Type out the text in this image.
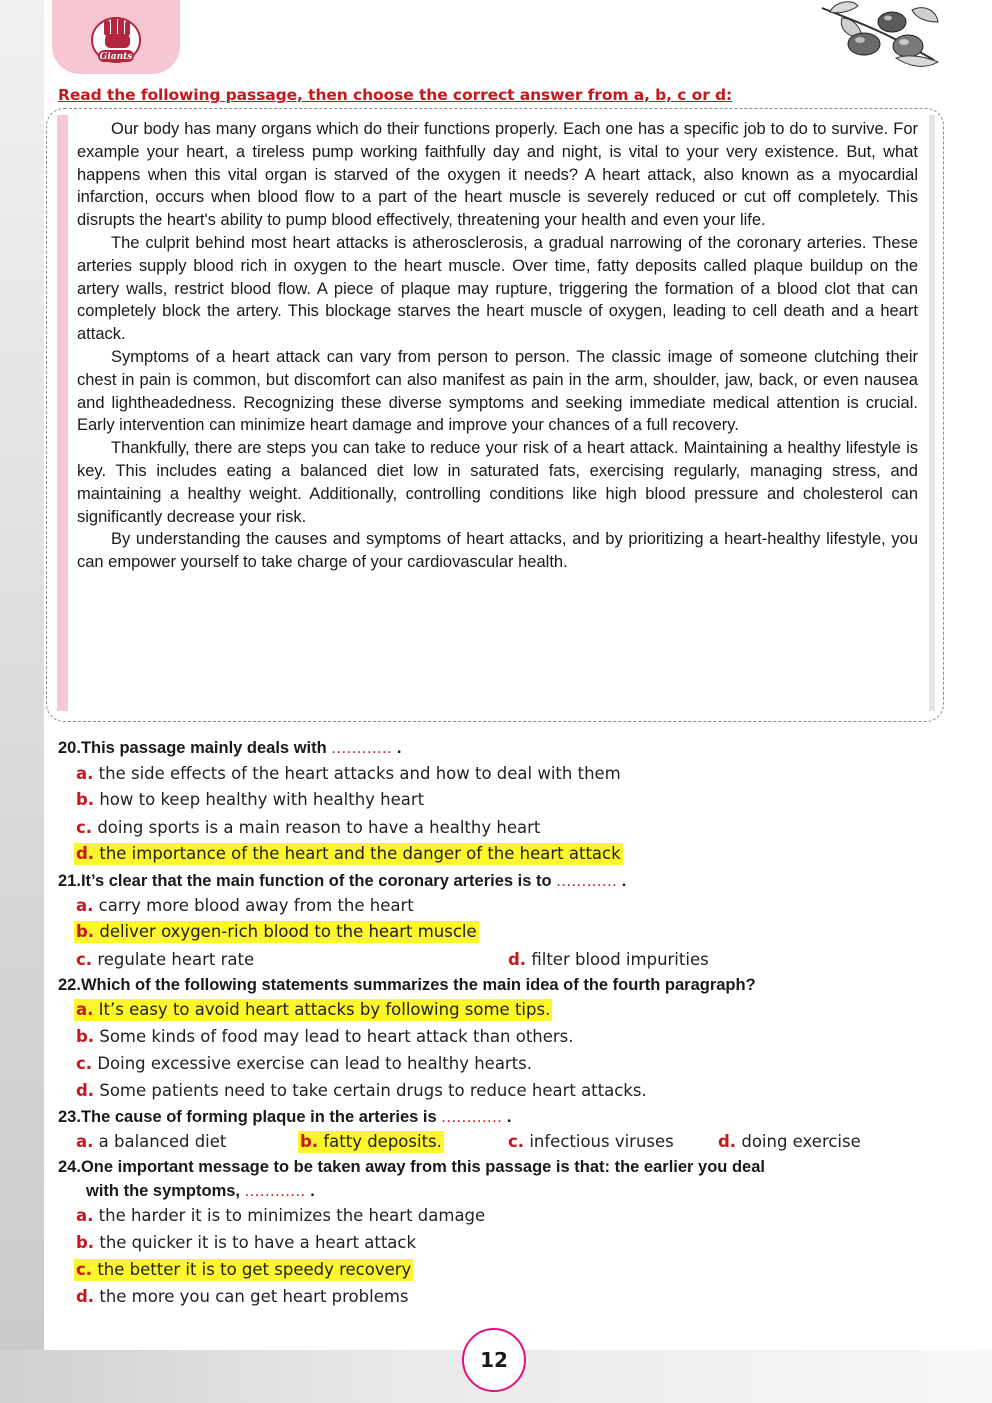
Giants

Read the following passage, then choose the correct answer from a, b, c or d:

Our body has many organs which do their functions properly. Each one has a specific job to do to survive. For example your heart, a tireless pump working faithfully day and night, is vital to your very existence. But, what happens when this vital organ is starved of the oxygen it needs? A heart attack, also known as a myocardial infarction, occurs when blood flow to a part of the heart muscle is severely reduced or cut off completely. This disrupts the heart's ability to pump blood effectively, threatening your health and even your life.

The culprit behind most heart attacks is atherosclerosis, a gradual narrowing of the coronary arteries. These arteries supply blood rich in oxygen to the heart muscle. Over time, fatty deposits called plaque buildup on the artery walls, restrict blood flow. A piece of plaque may rupture, triggering the formation of a blood clot that can completely block the artery. This blockage starves the heart muscle of oxygen, leading to cell death and a heart attack.

Symptoms of a heart attack can vary from person to person. The classic image of someone clutching their chest in pain is common, but discomfort can also manifest as pain in the arm, shoulder, jaw, back, or even nausea and lightheadedness. Recognizing these diverse symptoms and seeking immediate medical attention is crucial. Early intervention can minimize heart damage and improve your chances of a full recovery.

Thankfully, there are steps you can take to reduce your risk of a heart attack. Maintaining a healthy lifestyle is key. This includes eating a balanced diet low in saturated fats, exercising regularly, managing stress, and maintaining a healthy weight. Additionally, controlling conditions like high blood pressure and cholesterol can significantly decrease your risk.

By understanding the causes and symptoms of heart attacks, and by prioritizing a heart-healthy lifestyle, you can empower yourself to take charge of your cardiovascular health.

20.This passage mainly deals with ............ .

a. the side effects of the heart attacks and how to deal with them

b. how to keep healthy with healthy heart

c. doing sports is a main reason to have a healthy heart

d. the importance of the heart and the danger of the heart attack

21.It’s clear that the main function of the coronary arteries is to ............ .

a. carry more blood away from the heart

b. deliver oxygen-rich blood to the heart muscle

c. regulate heart rate	d. filter blood impurities

22.Which of the following statements summarizes the main idea of the fourth paragraph?

a. It’s easy to avoid heart attacks by following some tips.

b. Some kinds of food may lead to heart attack than others.

c. Doing excessive exercise can lead to healthy hearts.

d. Some patients need to take certain drugs to reduce heart attacks.

23.The cause of forming plaque in the arteries is ............ .

a. a balanced diet	b. fatty deposits.	c. infectious viruses	d. doing exercise

24.One important message to be taken away from this passage is that: the earlier you deal

with the symptoms, ............ .

a. the harder it is to minimizes the heart damage

b. the quicker it is to have a heart attack

c. the better it is to get speedy recovery

d. the more you can get heart problems

12
